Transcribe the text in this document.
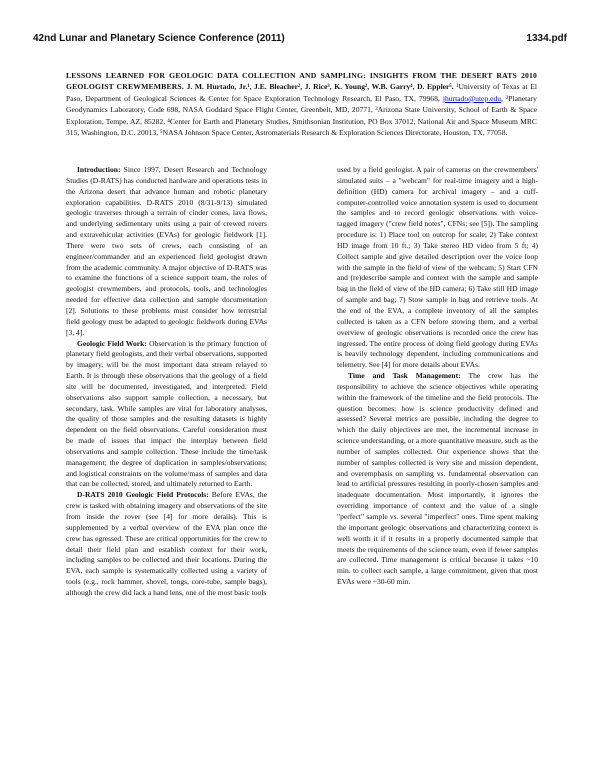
42nd Lunar and Planetary Science Conference (2011)	1334.pdf
LESSONS LEARNED FOR GEOLOGIC DATA COLLECTION AND SAMPLING: INSIGHTS FROM THE DESERT RATS 2010 GEOLOGIST CREWMEMBERS. J. M. Hurtado, Jr.¹, J.E. Bleacher², J. Rice³, K. Young², W.B. Garry⁴, D. Eppler⁵. ¹University of Texas at El Paso, Department of Geological Sciences & Center for Space Exploration Technology Research, El Paso, TX, 79968, jhurtado@utep.edu, ²Planetary Geodynamics Laboratory, Code 698, NASA Goddard Space Flight Center, Greenbelt, MD, 20771, ³Arizona State University, School of Earth & Space Exploration, Tempe, AZ, 85282, ⁴Center for Earth and Planetary Studies, Smithsonian Institution, PO Box 37012, National Air and Space Museum MRC 315, Washington, D.C. 20013, ⁵NASA Johnson Space Center, Astromaterials Research & Exploration Sciences Directorate, Houston, TX, 77058.

Introduction: Since 1997, Desert Research and Technology Studies (D-RATS) has conducted hardware and operations tests in the Arizona desert that advance human and robotic planetary exploration capabilities. D-RATS 2010 (8/31-9/13) simulated geologic traverses through a terrain of cinder cones, lava flows, and underlying sedimentary units using a pair of crewed rovers and extravehicular activities (EVAs) for geologic fieldwork [1]. There were two sets of crews, each consisting of an engineer/commander and an experienced field geologist drawn from the academic community. A major objective of D-RATS was to examine the functions of a science support team, the roles of geologist crewmembers, and protocols, tools, and technologies needed for effective data collection and sample documentation [2]. Solutions to these problems must consider how terrestrial field geology must be adapted to geologic fieldwork during EVAs [3, 4].

Geologic Field Work: Observation is the primary function of planetary field geologists, and their verbal observations, supported by imagery, will be the most important data stream relayed to Earth. It is through these observations that the geology of a field site will be documented, investigated, and interpreted. Field observations also support sample collection, a necessary, but secondary, task. While samples are vital for laboratory analyses, the quality of those samples and the resulting datasets is highly dependent on the field observations. Careful consideration must be made of issues that impact the interplay between field observations and sample collection. These include the time/task management; the degree of duplication in samples/observations; and logistical constraints on the volume/mass of samples and data that can be collected, stored, and ultimately returned to Earth.

D-RATS 2010 Geologic Field Protocols: Before EVAs, the crew is tasked with obtaining imagery and observations of the site from inside the rover (see [4] for more details). This is supplemented by a verbal overview of the EVA plan once the crew has egressed. These are critical opportunities for the crew to detail their field plan and establish context for their work, including samples to be collected and their locations. During the EVA, each sample is systematically collected using a variety of tools (e.g., rock hammer, shovel, tongs, core-tube, sample bags), although the crew did lack a hand lens, one of the most basic tools

used by a field geologist. A pair of cameras on the crewmembers' simulated suits – a "webcam" for real-time imagery and a high-definition (HD) camera for archival imagery – and a cuff-computer-controlled voice annotation system is used to document the samples and to record geologic observations with voice-tagged imagery ("crew field notes", CFNs; see [5]). The sampling procedure is: 1) Place tool on outcrop for scale; 2) Take context HD image from 10 ft.; 3) Take stereo HD video from 5 ft; 4) Collect sample and give detailed description over the voice loop with the sample in the field of view of the webcam; 5) Start CFN and (re)describe sample and context with the sample and sample bag in the field of view of the HD camera; 6) Take still HD image of sample and bag; 7) Stow sample in bag and retrieve tools. At the end of the EVA, a complete inventory of all the samples collected is taken as a CFN before stowing them, and a verbal overview of geologic observations is recorded once the crew has ingressed. The entire process of doing field geology during EVAs is heavily technology dependent, including communications and telemetry. See [4] for more details about EVAs.

Time and Task Management: The crew has the responsibility to achieve the science objectives while operating within the framework of the timeline and the field protocols. The question becomes: how is science productivity defined and assessed? Several metrics are possible, including the degree to which the daily objectives are met, the incremental increase in science understanding, or a more quantitative measure, such as the number of samples collected. Our experience shows that the number of samples collected is very site and mission dependent, and overemphasis on sampling vs. fundamental observation can lead to artificial pressures resulting in poorly-chosen samples and inadequate documentation. Most importantly, it ignores the overriding importance of context and the value of a single "perfect" sample vs. several "imperfect" ones. Time spent making the important geologic observations and characterizing context is well worth it if it results in a properly documented sample that meets the requirements of the science team, even if fewer samples are collected. Time management is critical because it takes ~10 min. to collect each sample, a large commitment, given that most EVAs were ~30-60 min.
